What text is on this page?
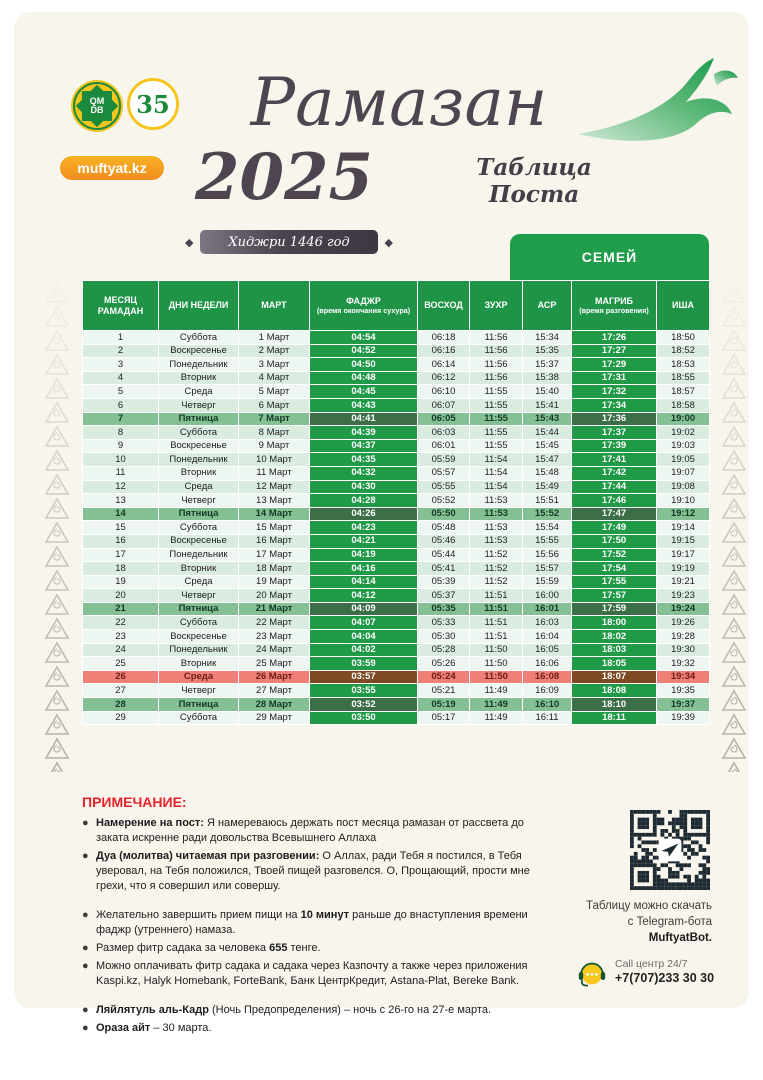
QM
DB 35
muftyat.kz
Рамазан
2025	Таблица Поста
◆ Хиджри 1446 год ◆
СЕМЕЙ
МЕСЯЦ РАМАДАН	ДНИ НЕДЕЛИ	МАРТ	ФАДЖР
(время окончания сухура)	ВОСХОД	ЗУХР	АСР	МАГРИБ
(время разговения)	ИША
1	Суббота	1 Март	04:54	06:18	11:56	15:34	17:26	18:50
2	Воскресенье	2 Март	04:52	06:16	11:56	15:35	17:27	18:52
3	Понедельник	3 Март	04:50	06:14	11:56	15:37	17:29	18:53
4	Вторник	4 Март	04:48	06:12	11:56	15:38	17:31	18:55
5	Среда	5 Март	04:45	06:10	11:55	15:40	17:32	18:57
6	Четверг	6 Март	04:43	06:07	11:55	15:41	17:34	18:58
7	Пятница	7 Март	04:41	06:05	11:55	15:43	17:36	19:00
8	Суббота	8 Март	04:39	06:03	11:55	15:44	17:37	19:02
9	Воскресенье	9 Март	04:37	06:01	11:55	15:45	17:39	19:03
10	Понедельник	10 Март	04:35	05:59	11:54	15:47	17:41	19:05
11	Вторник	11 Март	04:32	05:57	11:54	15:48	17:42	19:07
12	Среда	12 Март	04:30	05:55	11:54	15:49	17:44	19:08
13	Четверг	13 Март	04:28	05:52	11:53	15:51	17:46	19:10
14	Пятница	14 Март	04:26	05:50	11:53	15:52	17:47	19:12
15	Суббота	15 Март	04:23	05:48	11:53	15:54	17:49	19:14
16	Воскресенье	16 Март	04:21	05:46	11:53	15:55	17:50	19:15
17	Понедельник	17 Март	04:19	05:44	11:52	15:56	17:52	19:17
18	Вторник	18 Март	04:16	05:41	11:52	15:57	17:54	19:19
19	Среда	19 Март	04:14	05:39	11:52	15:59	17:55	19:21
20	Четверг	20 Март	04:12	05:37	11:51	16:00	17:57	19:23
21	Пятница	21 Март	04:09	05:35	11:51	16:01	17:59	19:24
22	Суббота	22 Март	04:07	05:33	11:51	16:03	18:00	19:26
23	Воскресенье	23 Март	04:04	05:30	11:51	16:04	18:02	19:28
24	Понедельник	24 Март	04:02	05:28	11:50	16:05	18:03	19:30
25	Вторник	25 Март	03:59	05:26	11:50	16:06	18:05	19:32
26	Среда	26 Март	03:57	05:24	11:50	16:08	18:07	19:34
27	Четверг	27 Март	03:55	05:21	11:49	16:09	18:08	19:35
28	Пятница	28 Март	03:52	05:19	11:49	16:10	18:10	19:37
29	Суббота	29 Март	03:50	05:17	11:49	16:11	18:11	19:39
ПРИМЕЧАНИЕ:
● Намерение на пост: Я намереваюсь держать пост месяца рамазан от рассвета до заката искренне ради довольства Всевышнего Аллаха
● Дуа (молитва) читаемая при разговении: О Аллах, ради Тебя я постился, в Тебя уверовал, на Тебя положился, Твоей пищей разговелся. О, Прощающий, прости мне грехи, что я совершил или совершу.
● Желательно завершить прием пищи на 10 минут раньше до внаступления времени фаджр (утреннего) намаза.
● Размер фитр садака за человека 655 тенге.
● Можно оплачивать фитр садака и садака через Казпочту а также через приложения Kaspi.kz, Halyk Homebank, ForteBank, Банк ЦентрКредит, Astana-Plat, Bereke Bank.
● Ляйлятуль аль-Кадр (Ночь Предопределения) – ночь с 26-го на 27-е марта.
● Ораза айт – 30 марта.
Таблицу можно скачать
с Telegram-бота
MuftyatBot.
Call центр 24/7
+7(707)233 30 30
